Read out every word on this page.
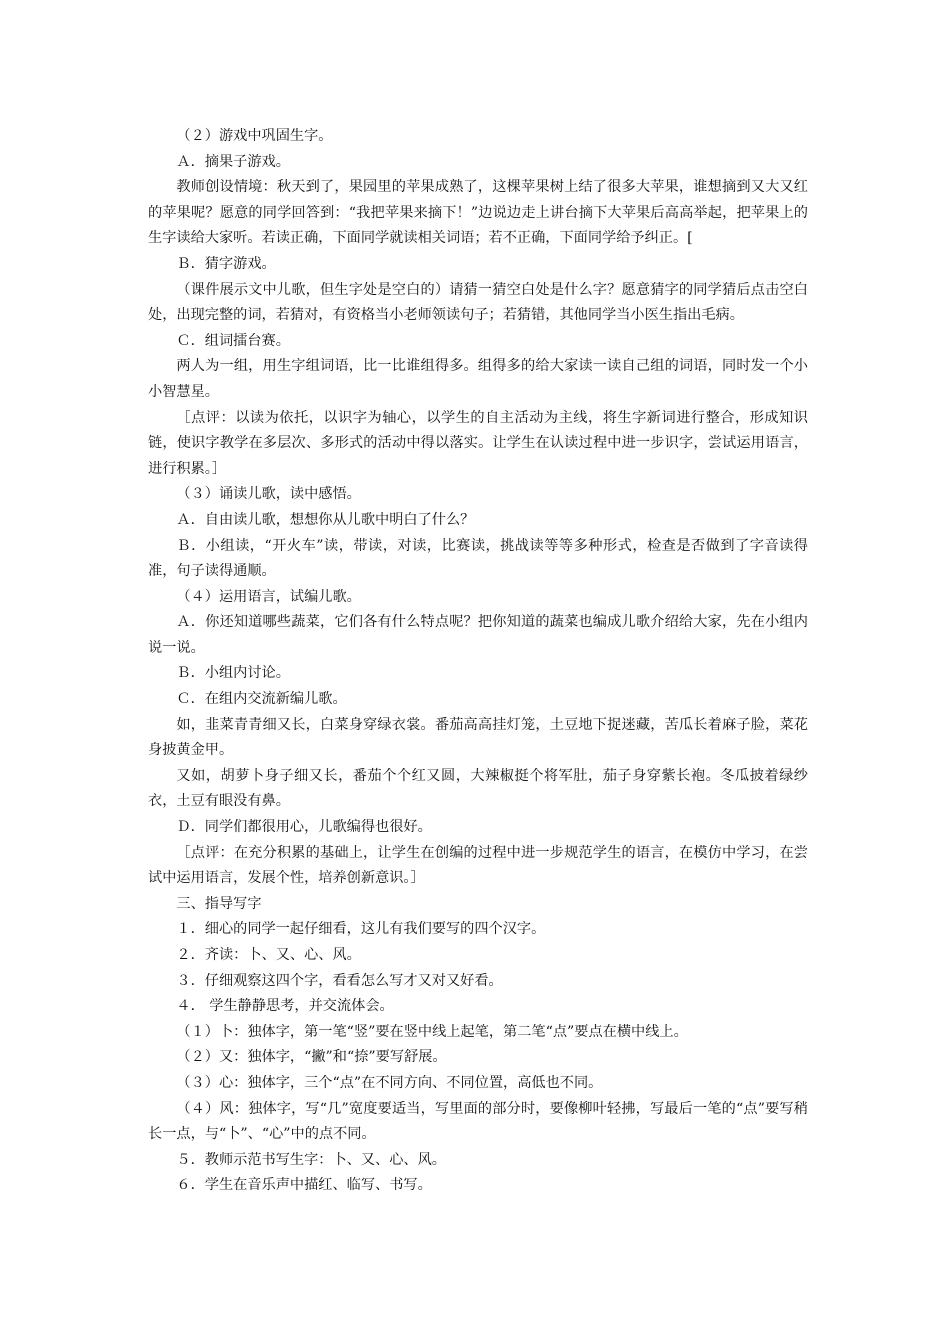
（２）游戏中巩固生字。

Ａ．摘果子游戏。

教师创设情境：秋天到了，果园里的苹果成熟了，这棵苹果树上结了很多大苹果，谁想摘到又大又红的苹果呢？愿意的同学回答到：“我把苹果来摘下！”边说边走上讲台摘下大苹果后高高举起，把苹果上的生字读给大家听。若读正确，下面同学就读相关词语；若不正确，下面同学给予纠正。[

Ｂ．猜字游戏。

（课件展示文中儿歌，但生字处是空白的）请猜一猜空白处是什么字？愿意猜字的同学猜后点击空白处，出现完整的词，若猜对，有资格当小老师领读句子；若猜错，其他同学当小医生指出毛病。

Ｃ．组词擂台赛。

两人为一组，用生字组词语，比一比谁组得多。组得多的给大家读一读自己组的词语，同时发一个小小智慧星。

［点评：以读为依托，以识字为轴心，以学生的自主活动为主线，将生字新词进行整合，形成知识链，使识字教学在多层次、多形式的活动中得以落实。让学生在认读过程中进一步识字，尝试运用语言，进行积累。］

（３）诵读儿歌，读中感悟。

Ａ．自由读儿歌，想想你从儿歌中明白了什么？

Ｂ．小组读，“开火车”读，带读，对读，比赛读，挑战读等等多种形式，检查是否做到了字音读得准，句子读得通顺。

（４）运用语言，试编儿歌。

Ａ．你还知道哪些蔬菜，它们各有什么特点呢？把你知道的蔬菜也编成儿歌介绍给大家，先在小组内说一说。

Ｂ．小组内讨论。

Ｃ．在组内交流新编儿歌。

如，韭菜青青细又长，白菜身穿绿衣裳。番茄高高挂灯笼，土豆地下捉迷藏，苦瓜长着麻子脸，菜花身披黄金甲。

又如，胡萝卜身子细又长，番茄个个红又圆，大辣椒挺个将军肚，茄子身穿紫长袍。冬瓜披着绿纱衣，土豆有眼没有鼻。

Ｄ．同学们都很用心，儿歌编得也很好。

［点评：在充分积累的基础上，让学生在创编的过程中进一步规范学生的语言，在模仿中学习，在尝试中运用语言，发展个性，培养创新意识。］

三、指导写字

１．细心的同学一起仔细看，这儿有我们要写的四个汉字。

２．齐读：卜、又、心、风。

３．仔细观察这四个字，看看怎么写才又对又好看。

４． 学生静静思考，并交流体会。

（１）卜：独体字，第一笔“竖”要在竖中线上起笔，第二笔“点”要点在横中线上。

（２）又：独体字，“撇”和“捺”要写舒展。

（３）心：独体字，三个“点”在不同方向、不同位置，高低也不同。

（４）风：独体字，写“几”宽度要适当，写里面的部分时，要像柳叶轻拂，写最后一笔的“点”要写稍长一点，与“卜”、“心”中的点不同。

５．教师示范书写生字：卜、又、心、风。

６．学生在音乐声中描红、临写、书写。
